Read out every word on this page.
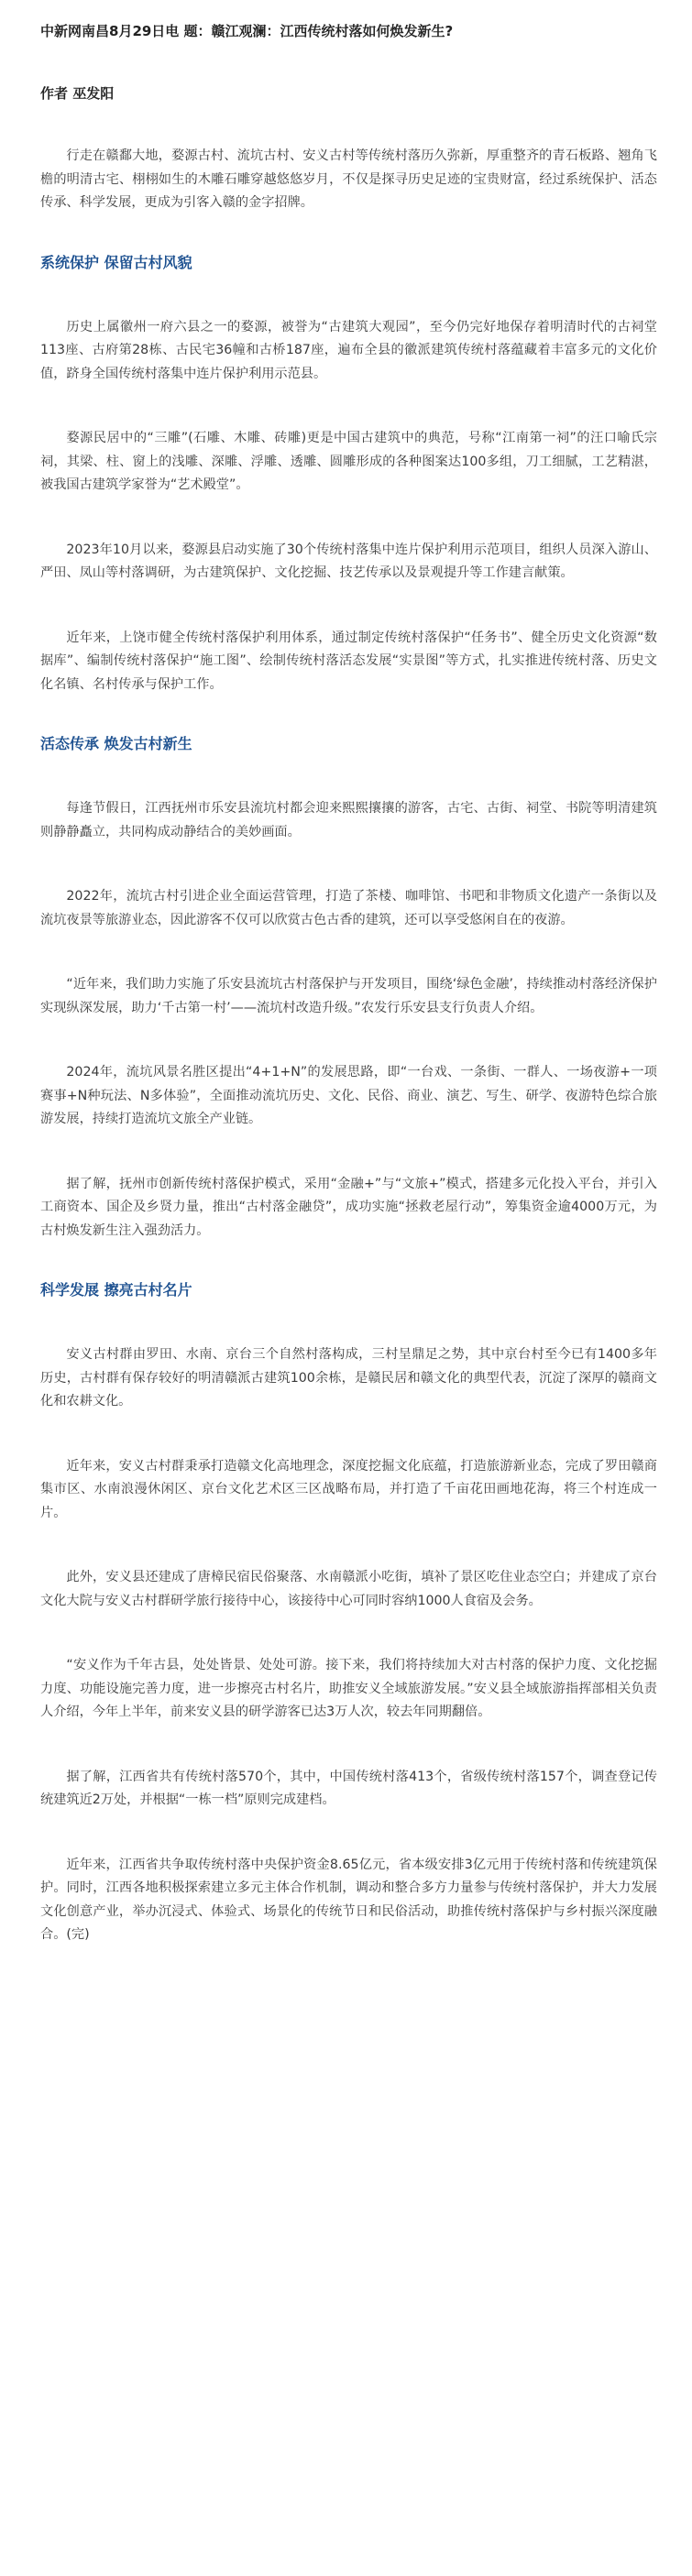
中新网南昌8月29日电 题：赣江观澜：江西传统村落如何焕发新生?

作者 巫发阳

行走在赣鄱大地，婺源古村、流坑古村、安义古村等传统村落历久弥新，厚重整齐的青石板路、翘角飞檐的明清古宅、栩栩如生的木雕石雕穿越悠悠岁月，不仅是探寻历史足迹的宝贵财富，经过系统保护、活态传承、科学发展，更成为引客入赣的金字招牌。

系统保护 保留古村风貌

历史上属徽州一府六县之一的婺源，被誉为“古建筑大观园”，至今仍完好地保存着明清时代的古祠堂113座、古府第28栋、古民宅36幢和古桥187座，遍布全县的徽派建筑传统村落蕴藏着丰富多元的文化价值，跻身全国传统村落集中连片保护利用示范县。

婺源民居中的“三雕”(石雕、木雕、砖雕)更是中国古建筑中的典范，号称“江南第一祠”的汪口喻氏宗祠，其梁、柱、窗上的浅雕、深雕、浮雕、透雕、圆雕形成的各种图案达100多组，刀工细腻，工艺精湛，被我国古建筑学家誉为“艺术殿堂”。

2023年10月以来，婺源县启动实施了30个传统村落集中连片保护利用示范项目，组织人员深入游山、严田、凤山等村落调研，为古建筑保护、文化挖掘、技艺传承以及景观提升等工作建言献策。

近年来，上饶市健全传统村落保护利用体系，通过制定传统村落保护“任务书”、健全历史文化资源“数据库”、编制传统村落保护“施工图”、绘制传统村落活态发展“实景图”等方式，扎实推进传统村落、历史文化名镇、名村传承与保护工作。

活态传承 焕发古村新生

每逢节假日，江西抚州市乐安县流坑村都会迎来熙熙攘攘的游客，古宅、古街、祠堂、书院等明清建筑则静静矗立，共同构成动静结合的美妙画面。

2022年，流坑古村引进企业全面运营管理，打造了茶楼、咖啡馆、书吧和非物质文化遗产一条街以及流坑夜景等旅游业态，因此游客不仅可以欣赏古色古香的建筑，还可以享受悠闲自在的夜游。

“近年来，我们助力实施了乐安县流坑古村落保护与开发项目，围绕‘绿色金融’，持续推动村落经济保护实现纵深发展，助力‘千古第一村’——流坑村改造升级。”农发行乐安县支行负责人介绍。

2024年，流坑风景名胜区提出“4+1+N”的发展思路，即“一台戏、一条街、一群人、一场夜游+一项赛事+N种玩法、N多体验”，全面推动流坑历史、文化、民俗、商业、演艺、写生、研学、夜游特色综合旅游发展，持续打造流坑文旅全产业链。

据了解，抚州市创新传统村落保护模式，采用“金融+”与“文旅+”模式，搭建多元化投入平台，并引入工商资本、国企及乡贤力量，推出“古村落金融贷”，成功实施“拯救老屋行动”，筹集资金逾4000万元，为古村焕发新生注入强劲活力。

科学发展 擦亮古村名片

安义古村群由罗田、水南、京台三个自然村落构成，三村呈鼎足之势，其中京台村至今已有1400多年历史，古村群有保存较好的明清赣派古建筑100余栋，是赣民居和赣文化的典型代表，沉淀了深厚的赣商文化和农耕文化。

近年来，安义古村群秉承打造赣文化高地理念，深度挖掘文化底蕴，打造旅游新业态，完成了罗田赣商集市区、水南浪漫休闲区、京台文化艺术区三区战略布局，并打造了千亩花田画地花海，将三个村连成一片。

此外，安义县还建成了唐樟民宿民俗聚落、水南赣派小吃街，填补了景区吃住业态空白；并建成了京台文化大院与安义古村群研学旅行接待中心，该接待中心可同时容纳1000人食宿及会务。

“安义作为千年古县，处处皆景、处处可游。接下来，我们将持续加大对古村落的保护力度、文化挖掘力度、功能设施完善力度，进一步擦亮古村名片，助推安义全域旅游发展。”安义县全域旅游指挥部相关负责人介绍，今年上半年，前来安义县的研学游客已达3万人次，较去年同期翻倍。

据了解，江西省共有传统村落570个，其中，中国传统村落413个，省级传统村落157个，调查登记传统建筑近2万处，并根据“一栋一档”原则完成建档。

近年来，江西省共争取传统村落中央保护资金8.65亿元，省本级安排3亿元用于传统村落和传统建筑保护。同时，江西各地积极探索建立多元主体合作机制，调动和整合多方力量参与传统村落保护，并大力发展文化创意产业，举办沉浸式、体验式、场景化的传统节日和民俗活动，助推传统村落保护与乡村振兴深度融合。(完)
